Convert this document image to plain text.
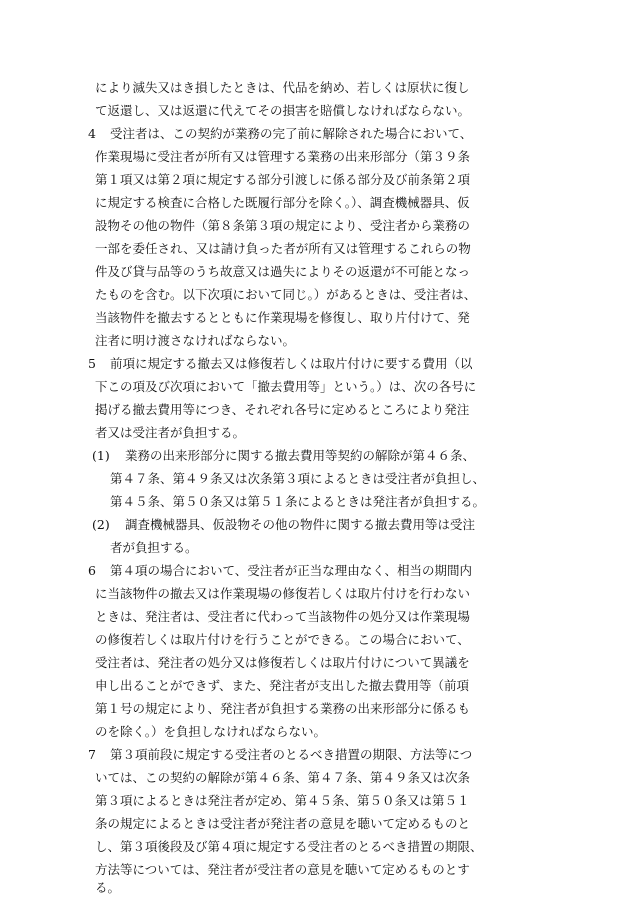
により滅失又はき損したときは、代品を納め、若しくは原状に復し
て返還し、又は返還に代えてその損害を賠償しなければならない。
4 受注者は、この契約が業務の完了前に解除された場合において、
作業現場に受注者が所有又は管理する業務の出来形部分（第３９条
第１項又は第２項に規定する部分引渡しに係る部分及び前条第２項
に規定する検査に合格した既履行部分を除く。）、調査機械器具、仮
設物その他の物件（第８条第３項の規定により、受注者から業務の
一部を委任され、又は請け負った者が所有又は管理するこれらの物
件及び貸与品等のうち故意又は過失によりその返還が不可能となっ
たものを含む。以下次項において同じ。）があるときは、受注者は、
当該物件を撤去するとともに作業現場を修復し、取り片付けて、発
注者に明け渡さなければならない。
5 前項に規定する撤去又は修復若しくは取片付けに要する費用（以
下この項及び次項において「撤去費用等」という。）は、次の各号に
掲げる撤去費用等につき、それぞれ各号に定めるところにより発注
者又は受注者が負担する。
(1) 業務の出来形部分に関する撤去費用等契約の解除が第４６条、
第４７条、第４９条又は次条第３項によるときは受注者が負担し、
第４５条、第５０条又は第５１条によるときは発注者が負担する。
(2) 調査機械器具、仮設物その他の物件に関する撤去費用等は受注
者が負担する。
6 第４項の場合において、受注者が正当な理由なく、相当の期間内
に当該物件の撤去又は作業現場の修復若しくは取片付けを行わない
ときは、発注者は、受注者に代わって当該物件の処分又は作業現場
の修復若しくは取片付けを行うことができる。この場合において、
受注者は、発注者の処分又は修復若しくは取片付けについて異議を
申し出ることができず、また、発注者が支出した撤去費用等（前項
第１号の規定により、発注者が負担する業務の出来形部分に係るも
のを除く。）を負担しなければならない。
7 第３項前段に規定する受注者のとるべき措置の期限、方法等につ
いては、この契約の解除が第４６条、第４７条、第４９条又は次条
第３項によるときは発注者が定め、第４５条、第５０条又は第５１
条の規定によるときは受注者が発注者の意見を聴いて定めるものと
し、第３項後段及び第４項に規定する受注者のとるべき措置の期限、
方法等については、発注者が受注者の意見を聴いて定めるものとす
る。
